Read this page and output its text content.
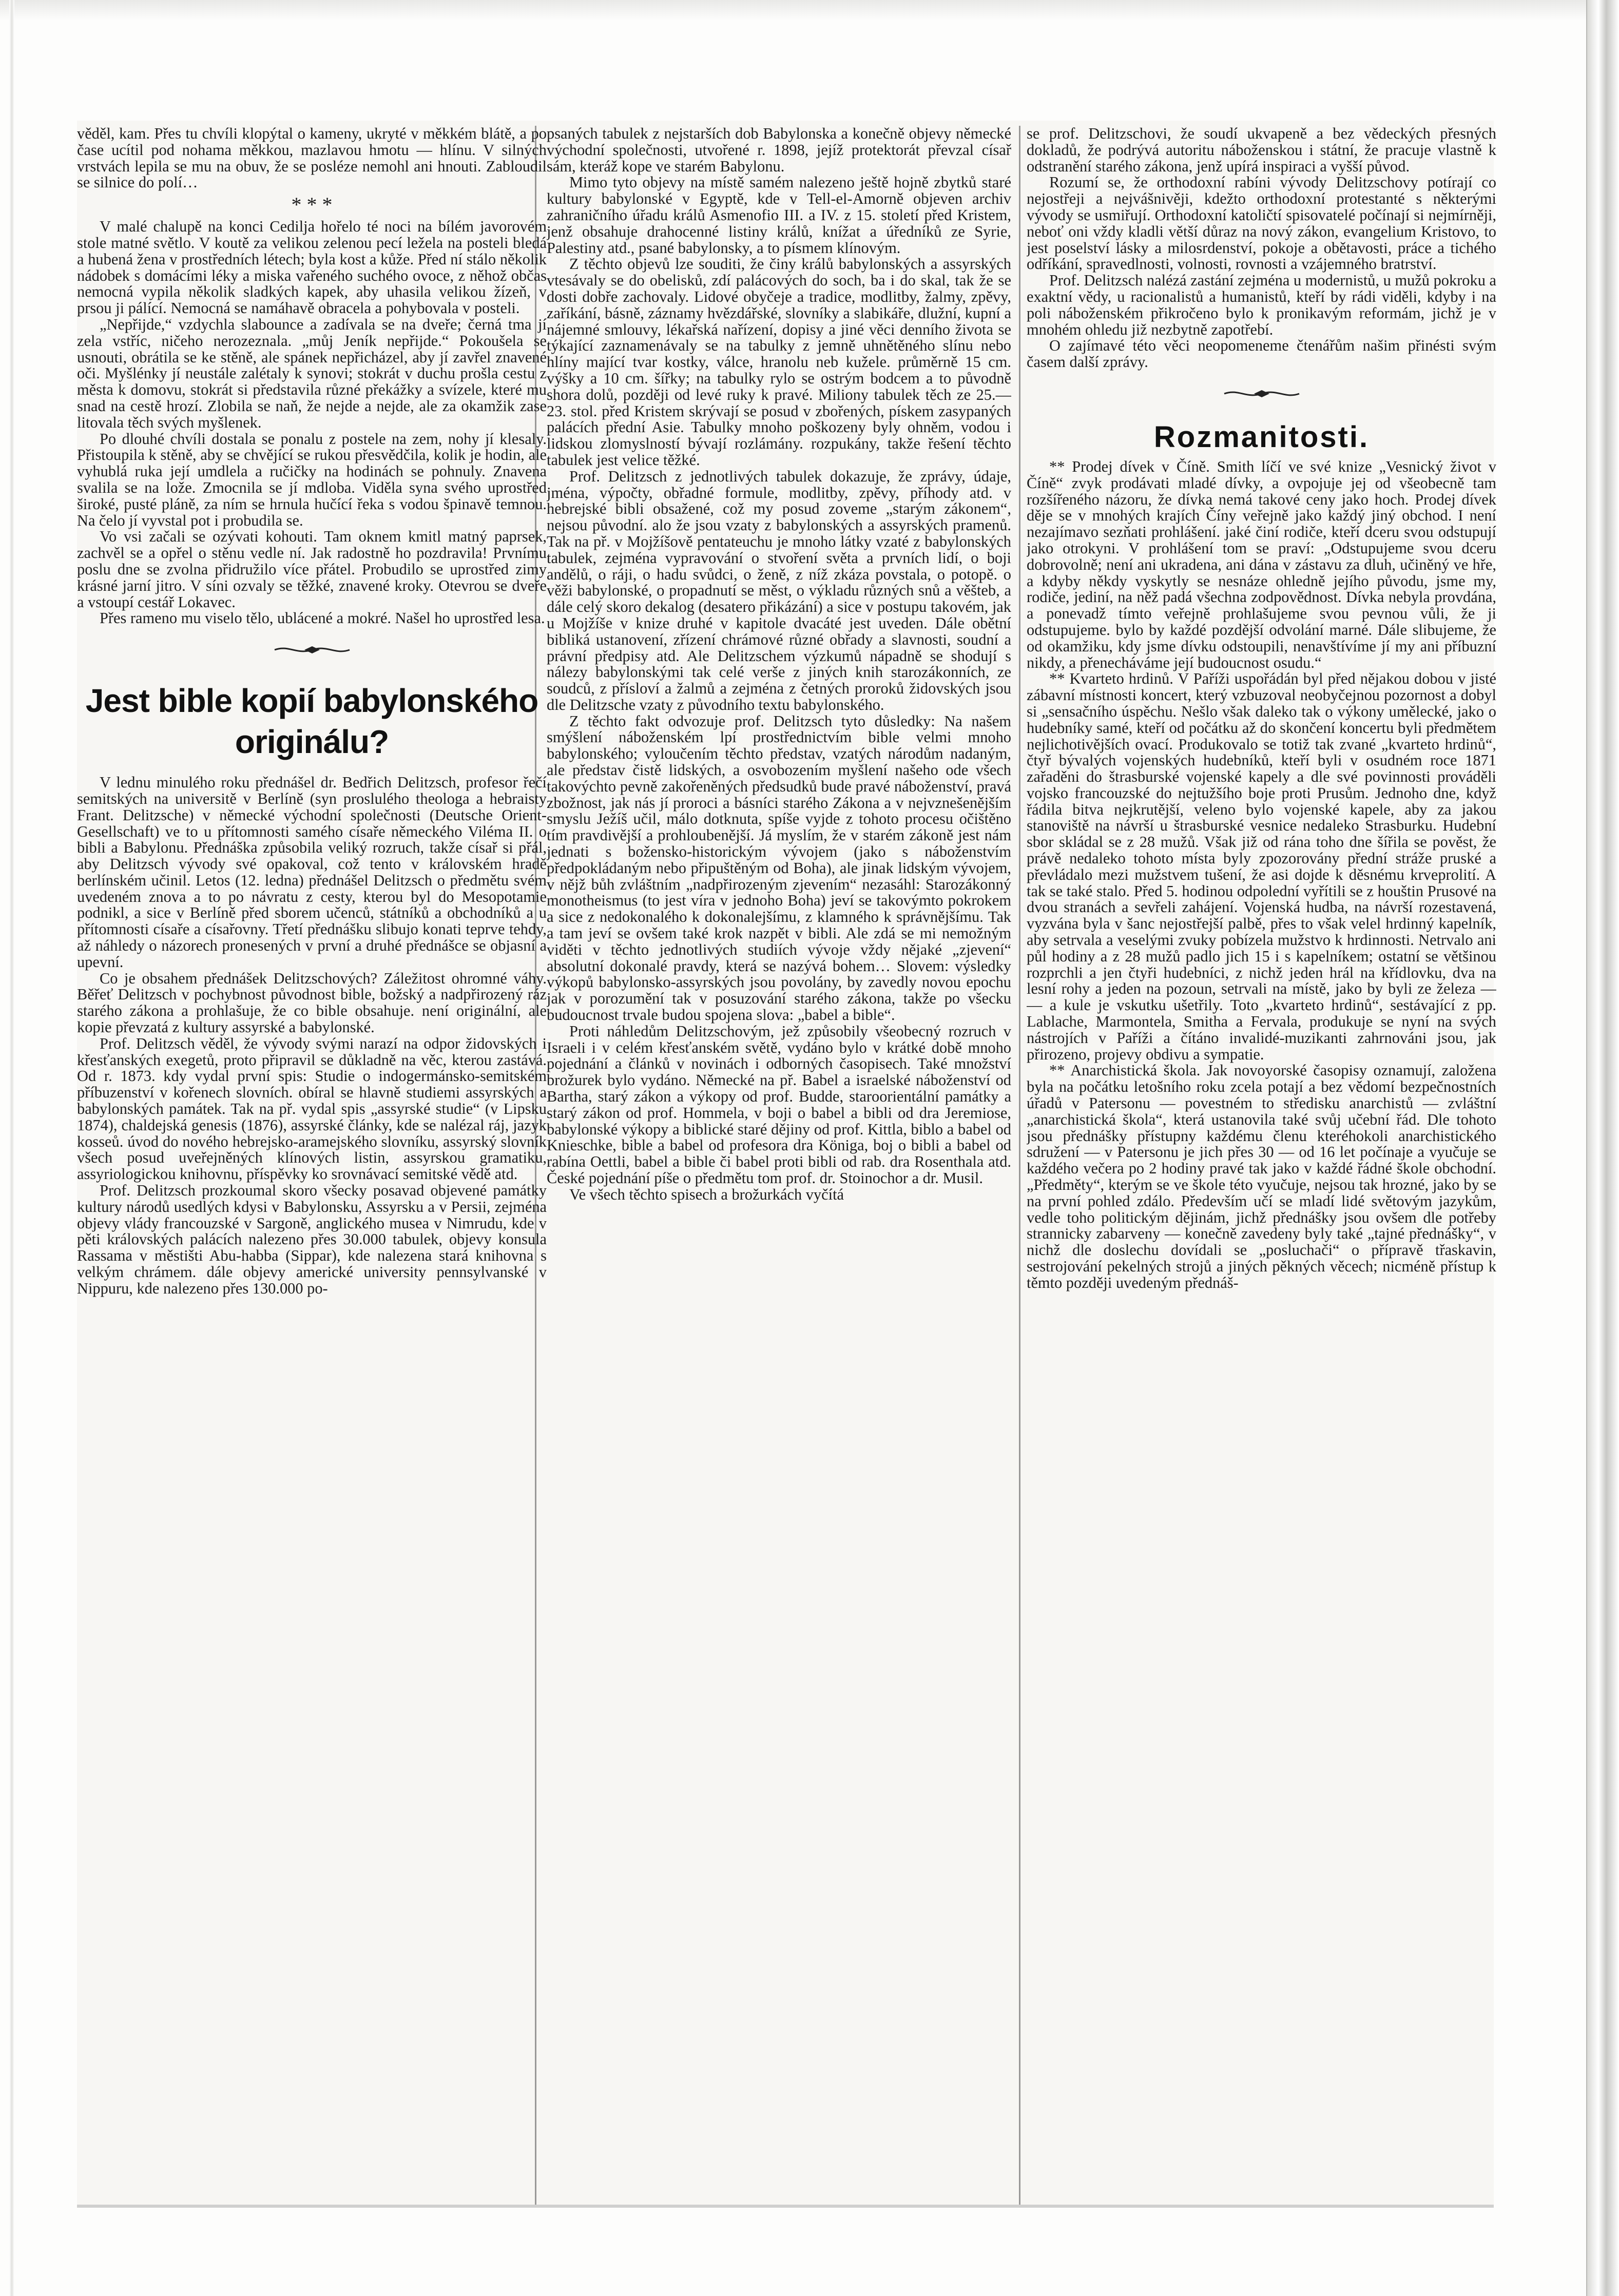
věděl, kam. Přes tu chvíli klopýtal o kameny, ukryté v měkkém blátě, a po čase ucítil pod nohama měkkou, mazlavou hmotu — hlínu. V silných vrstvách lepila se mu na obuv, že se posléze nemohl ani hnouti. Zabloudil se silnice do polí…

* * *

V malé chalupě na konci Cedilja hořelo té noci na bílém javorovém stole matné světlo. V koutě za velikou zelenou pecí ležela na posteli bledá a hubená žena v prostředních létech; byla kost a kůže. Před ní stálo několik nádobek s domácími léky a miska vařeného suchého ovoce, z něhož občas nemocná vypila několik sladkých kapek, aby uhasila velikou žízeň, v prsou ji pálící. Nemocná se namáhavě obracela a pohybovala v posteli.

„Nepřijde,“ vzdychla slabounce a zadívala se na dveře; černá tma jí zela vstříc, ničeho nerozeznala. „můj Jeník nepřijde.“ Pokoušela se usnouti, obrátila se ke stěně, ale spánek nepřicházel, aby jí zavřel znavené oči. Myšlénky jí neustále zalétaly k synovi; stokrát v duchu prošla cestu z města k domovu, stokrát si představila různé překážky a svízele, které mu snad na cestě hrozí. Zlobila se naň, že nejde a nejde, ale za okamžik zase litovala těch svých myšlenek.

Po dlouhé chvíli dostala se ponalu z postele na zem, nohy jí klesaly. Přistoupila k stěně, aby se chvějící se rukou přesvědčila, kolik je hodin, ale vyhublá ruka její umdlela a ručičky na hodinách se pohnuly. Znavena svalila se na lože. Zmocnila se jí mdloba. Viděla syna svého uprostřed široké, pusté pláně, za ním se hrnula hučící řeka s vodou špinavě temnou. Na čelo jí vyvstal pot i probudila se.

Vo vsi začali se ozývati kohouti. Tam oknem kmitl matný paprsek, zachvěl se a opřel o stěnu vedle ní. Jak radostně ho pozdravila! Prvnímu poslu dne se zvolna přidružilo více přátel. Probudilo se uprostřed zimy krásné jarní jitro. V síni ozvaly se těžké, znavené kroky. Otevrou se dveře a vstoupí cestář Lokavec.

Přes rameno mu viselo tělo, ublácené a mokré. Našel ho uprostřed lesa.

Jest bible kopií babylonského originálu?

V lednu minulého roku přednášel dr. Bedřich Delitzsch, profesor řečí semitských na universitě v Berlíně (syn proslulého theologa a hebraisty Frant. Delitzsche) v německé východní společnosti (Deutsche Orient-Gesellschaft) ve to u přítomnosti samého císaře německého Viléma II. o bibli a Babylonu. Přednáška způsobila veliký rozruch, takže císař si přál, aby Delitzsch vývody své opakoval, což tento v královském hradě berlínském učinil. Letos (12. ledna) přednášel Delitzsch o předmětu svém uvedeném znova a to po návratu z cesty, kterou byl do Mesopotamie podnikl, a sice v Berlíně před sborem učenců, státníků a obchodníků a u přítomnosti císaře a císařovny. Třetí přednášku slibujo konati teprve tehdy, až náhledy o názorech pronesených v první a druhé přednášce se objasní a upevní.

Co je obsahem přednášek Delitzschových? Záležitost ohromné váhy. Běřeť Delitzsch v pochybnost původnost bible, božský a nadpřirozený ráz starého zákona a prohlašuje, že co bible obsahuje. není originální, ale kopie převzatá z kultury assyrské a babylonské.

Prof. Delitzsch věděl, že vývody svými narazí na odpor židovských i křesťanských exegetů, proto připravil se důkladně na věc, kterou zastává. Od r. 1873. kdy vydal první spis: Studie o indogermánsko-semitském příbuzenství v kořenech slovních. obíral se hlavně studiemi assyrských a babylonských památek. Tak na př. vydal spis „assyrské studie“ (v Lipsku 1874), chaldejská genesis (1876), assyrské články, kde se nalézal ráj, jazyk kosseů. úvod do nového hebrejsko-aramejského slovníku, assyrský slovník všech posud uveřejněných klínových listin, assyrskou gramatiku, assyriologickou knihovnu, příspěvky ko srovnávací semitské vědě atd.

Prof. Delitzsch prozkoumal skoro všecky posavad objevené památky kultury národů usedlých kdysi v Babylonsku, Assyrsku a v Persii, zejména objevy vlády francouzské v Sargoně, anglického musea v Nimrudu, kde v pěti královských palácích nalezeno přes 30.000 tabulek, objevy konsula Rassama v městišti Abu-habba (Sippar), kde nalezena stará knihovna s velkým chrámem. dále objevy americké university pennsylvanské v Nippuru, kde nalezeno přes 130.000 po-

psaných tabulek z nejstarších dob Babylonska a konečně objevy německé východní společnosti, utvořené r. 1898, jejíž protektorát převzal císař sám, kteráž kope ve starém Babylonu.

Mimo tyto objevy na místě samém nalezeno ještě hojně zbytků staré kultury babylonské v Egyptě, kde v Tell-el-Amorně objeven archiv zahraničního úřadu králů Asmenofio III. a IV. z 15. století před Kristem, jenž obsahuje drahocenné listiny králů, knížat a úředníků ze Syrie, Palestiny atd., psané babylonsky, a to písmem klínovým.

Z těchto objevů lze souditi, že činy králů babylonských a assyrských vtesávaly se do obelisků, zdí palácových do soch, ba i do skal, tak že se dosti dobře zachovaly. Lidové obyčeje a tradice, modlitby, žalmy, zpěvy, zaříkání, básně, záznamy hvězdářské, slovníky a slabikáře, dlužní, kupní a nájemné smlouvy, lékařská nařízení, dopisy a jiné věci denního života se týkající zaznamenávaly se na tabulky z jemně uhnětěného slínu nebo hlíny mající tvar kostky, válce, hranolu neb kužele. průměrně 15 cm. výšky a 10 cm. šířky; na tabulky rylo se ostrým bodcem a to původně shora dolů, později od levé ruky k pravé. Miliony tabulek těch ze 25.—23. stol. před Kristem skrývají se posud v zbořených, pískem zasypaných palácích přední Asie. Tabulky mnoho poškozeny byly ohněm, vodou i lidskou zlomyslností bývají rozlámány. rozpukány, takže řešení těchto tabulek jest velice těžké.

Prof. Delitzsch z jednotlivých tabulek dokazuje, že zprávy, údaje, jména, výpočty, obřadné formule, modlitby, zpěvy, příhody atd. v hebrejské bibli obsažené, což my posud zoveme „starým zákonem“, nejsou původní. alo že jsou vzaty z babylonských a assyrských pramenů. Tak na př. v Mojžíšově pentateuchu je mnoho látky vzaté z babylonských tabulek, zejména vypravování o stvoření světa a prvních lidí, o boji andělů, o ráji, o hadu svůdci, o ženě, z níž zkáza povstala, o potopě. o věži babylonské, o propadnutí se měst, o výkladu různých snů a věšteb, a dále celý skoro dekalog (desatero přikázání) a sice v postupu takovém, jak u Mojžíše v knize druhé v kapitole dvacáté jest uveden. Dále obětní bibliká ustanovení, zřízení chrámové různé obřady a slavnosti, soudní a právní předpisy atd. Ale Delitzschem výzkumů nápadně se shodují s nálezy babylonskými tak celé verše z jiných knih starozákonních, ze soudců, z přísloví a žalmů a zejména z četných proroků židovských jsou dle Delitzsche vzaty z původního textu babylonského.

Z těchto fakt odvozuje prof. Delitzsch tyto důsledky: Na našem smýšlení náboženském lpí prostřednictvím bible velmi mnoho babylonského; vyloučením těchto představ, vzatých národům nadaným, ale představ čistě lidských, a osvobozením myšlení našeho ode všech takovýchto pevně zakořeněných předsudků bude pravé náboženství, pravá zbožnost, jak nás jí proroci a básníci starého Zákona a v nejvznešenějším smyslu Ježíš učil, málo dotknuta, spíše vyjde z tohoto procesu očištěno tím pravdivější a prohloubenější. Já myslím, že v starém zákoně jest nám jednati s božensko-historickým vývojem (jako s náboženstvím předpokládaným nebo připuštěným od Boha), ale jinak lidským vývojem, v nějž bůh zvláštním „nadpřirozeným zjevením“ nezasáhl: Starozákonný monotheismus (to jest víra v jednoho Boha) jeví se takovýmto pokrokem a sice z nedokonalého k dokonalejšímu, z klamného k správnějšímu. Tak a tam jeví se ovšem také krok nazpět v bibli. Ale zdá se mi nemožným viděti v těchto jednotlivých studiích vývoje vždy nějaké „zjevení“ absolutní dokonalé pravdy, která se nazývá bohem… Slovem: výsledky výkopů babylonsko-assyrských jsou povolány, by zavedly novou epochu jak v porozumění tak v posuzování starého zákona, takže po všecku budoucnost trvale budou spojena slova: „babel a bible“.

Proti náhledům Delitzschovým, jež způsobily všeobecný rozruch v Israeli i v celém křesťanském světě, vydáno bylo v krátké době mnoho pojednání a článků v novinách i odborných časopisech. Také množství brožurek bylo vydáno. Německé na př. Babel a israelské náboženství od Bartha, starý zákon a výkopy od prof. Budde, staroorientální památky a starý zákon od prof. Hommela, v boji o babel a bibli od dra Jeremiose, babylonské výkopy a biblické staré dějiny od prof. Kittla, biblo a babel od Knieschke, bible a babel od profesora dra Königa, boj o bibli a babel od rabína Oettli, babel a bible či babel proti bibli od rab. dra Rosenthala atd. České pojednání píše o předmětu tom prof. dr. Stoinochor a dr. Musil.

Ve všech těchto spisech a brožurkách vyčítá

se prof. Delitzschovi, že soudí ukvapeně a bez vědeckých přesných dokladů, že podrývá autoritu náboženskou i státní, že pracuje vlastně k odstranění starého zákona, jenž upírá inspiraci a vyšší původ.

Rozumí se, že orthodoxní rabíni vývody Delitzschovy potírají co nejostřeji a nejvášnivěji, kdežto orthodoxní protestanté s některými vývody se usmiřují. Orthodoxní katoličtí spisovatelé počínají si nejmírněji, neboť oni vždy kladli větší důraz na nový zákon, evangelium Kristovo, to jest poselství lásky a milosrdenství, pokoje a obětavosti, práce a tichého odříkání, spravedlnosti, volnosti, rovnosti a vzájemného bratrství.

Prof. Delitzsch nalézá zastání zejména u modernistů, u mužů pokroku a exaktní vědy, u racionalistů a humanistů, kteří by rádi viděli, kdyby i na poli náboženském přikročeno bylo k pronikavým reformám, jichž je v mnohém ohledu již nezbytně zapotřebí.

O zajímavé této věci neopomeneme čtenářům našim přinésti svým časem další zprávy.

Rozmanitosti.

** Prodej dívek v Číně. Smith líčí ve své knize „Vesnický život v Číně“ zvyk prodávati mladé dívky, a ovpojuje jej od všeobecně tam rozšířeného názoru, že dívka nemá takové ceny jako hoch. Prodej dívek děje se v mnohých krajích Číny veřejně jako každý jiný obchod. I není nezajímavo sezňati prohlášení. jaké činí rodiče, kteří dceru svou odstupují jako otrokyni. V prohlášení tom se praví: „Odstupujeme svou dceru dobrovolně; není ani ukradena, ani dána v zástavu za dluh, učiněný ve hře, a kdyby někdy vyskytly se nesnáze ohledně jejího původu, jsme my, rodiče, jediní, na něž padá všechna zodpovědnost. Dívka nebyla provdána, a ponevadž tímto veřejně prohlašujeme svou pevnou vůli, že ji odstupujeme. bylo by každé pozdější odvolání marné. Dále slibujeme, že od okamžiku, kdy jsme dívku odstoupili, nenavštívíme jí my ani příbuzní nikdy, a přenecháváme její budoucnost osudu.“

** Kvarteto hrdinů. V Paříži uspořádán byl před nějakou dobou v jisté zábavní místnosti koncert, který vzbuzoval neobyčejnou pozornost a dobyl si „sensačního úspěchu. Nešlo však daleko tak o výkony umělecké, jako o hudebníky samé, kteří od počátku až do skončení koncertu byli předmětem nejlichotivějších ovací. Produkovalo se totiž tak zvané „kvarteto hrdinů“, čtyř bývalých vojenských hudebníků, kteří byli v osudném roce 1871 zařaděni do štrasburské vojenské kapely a dle své povinnosti prováděli vojsko francouzské do nejtužšího boje proti Prusům. Jednoho dne, když řádila bitva nejkrutější, veleno bylo vojenské kapele, aby za jakou stanoviště na návrší u štrasburské vesnice nedaleko Strasburku. Hudební sbor skládal se z 28 mužů. Však již od rána toho dne šířila se pověst, že právě nedaleko tohoto místa byly zpozorovány přední stráže pruské a převládalo mezi mužstvem tušení, že asi dojde k děsnému krveprolití. A tak se také stalo. Před 5. hodinou odpolední vyřítili se z houštin Prusové na dvou stranách a sevřeli zahájení. Vojenská hudba, na návrší rozestavená, vyzvána byla v šanc nejostřejší palbě, přes to však velel hrdinný kapelník, aby setrvala a veselými zvuky pobízela mužstvo k hrdinnosti. Netrvalo ani půl hodiny a z 28 mužů padlo jich 15 i s kapelníkem; ostatní se většinou rozprchli a jen čtyři hudebníci, z nichž jeden hrál na křídlovku, dva na lesní rohy a jeden na pozoun, setrvali na místě, jako by byli ze železa — — a kule je vskutku ušetřily. Toto „kvarteto hrdinů“, sestávající z pp. Lablache, Marmontela, Smitha a Fervala, produkuje se nyní na svých nástrojích v Paříži a čítáno invalidé-muzikanti zahrnováni jsou, jak přirozeno, projevy obdivu a sympatie.

** Anarchistická škola. Jak novoyorské časopisy oznamují, založena byla na počátku letošního roku zcela potají a bez vědomí bezpečnostních úřadů v Patersonu — povestném to středisku anarchistů — zvláštní „anarchistická škola“, která ustanovila také svůj učební řád. Dle tohoto jsou přednášky přístupny každému členu kteréhokoli anarchistického sdružení — v Patersonu je jich přes 30 — od 16 let počínaje a vyučuje se každého večera po 2 hodiny pravé tak jako v každé řádné škole obchodní. „Předměty“, kterým se ve škole této vyučuje, nejsou tak hrozné, jako by se na první pohled zdálo. Především učí se mladí lidé světovým jazykům, vedle toho politickým dějinám, jichž přednášky jsou ovšem dle potřeby strannicky zabarveny — konečně zavedeny byly také „tajné přednášky“, v nichž dle doslechu dovídali se „posluchači“ o přípravě třaskavin, sestrojování pekelných strojů a jiných pěkných věcech; nicméně přístup k těmto později uvedeným přednáš-
